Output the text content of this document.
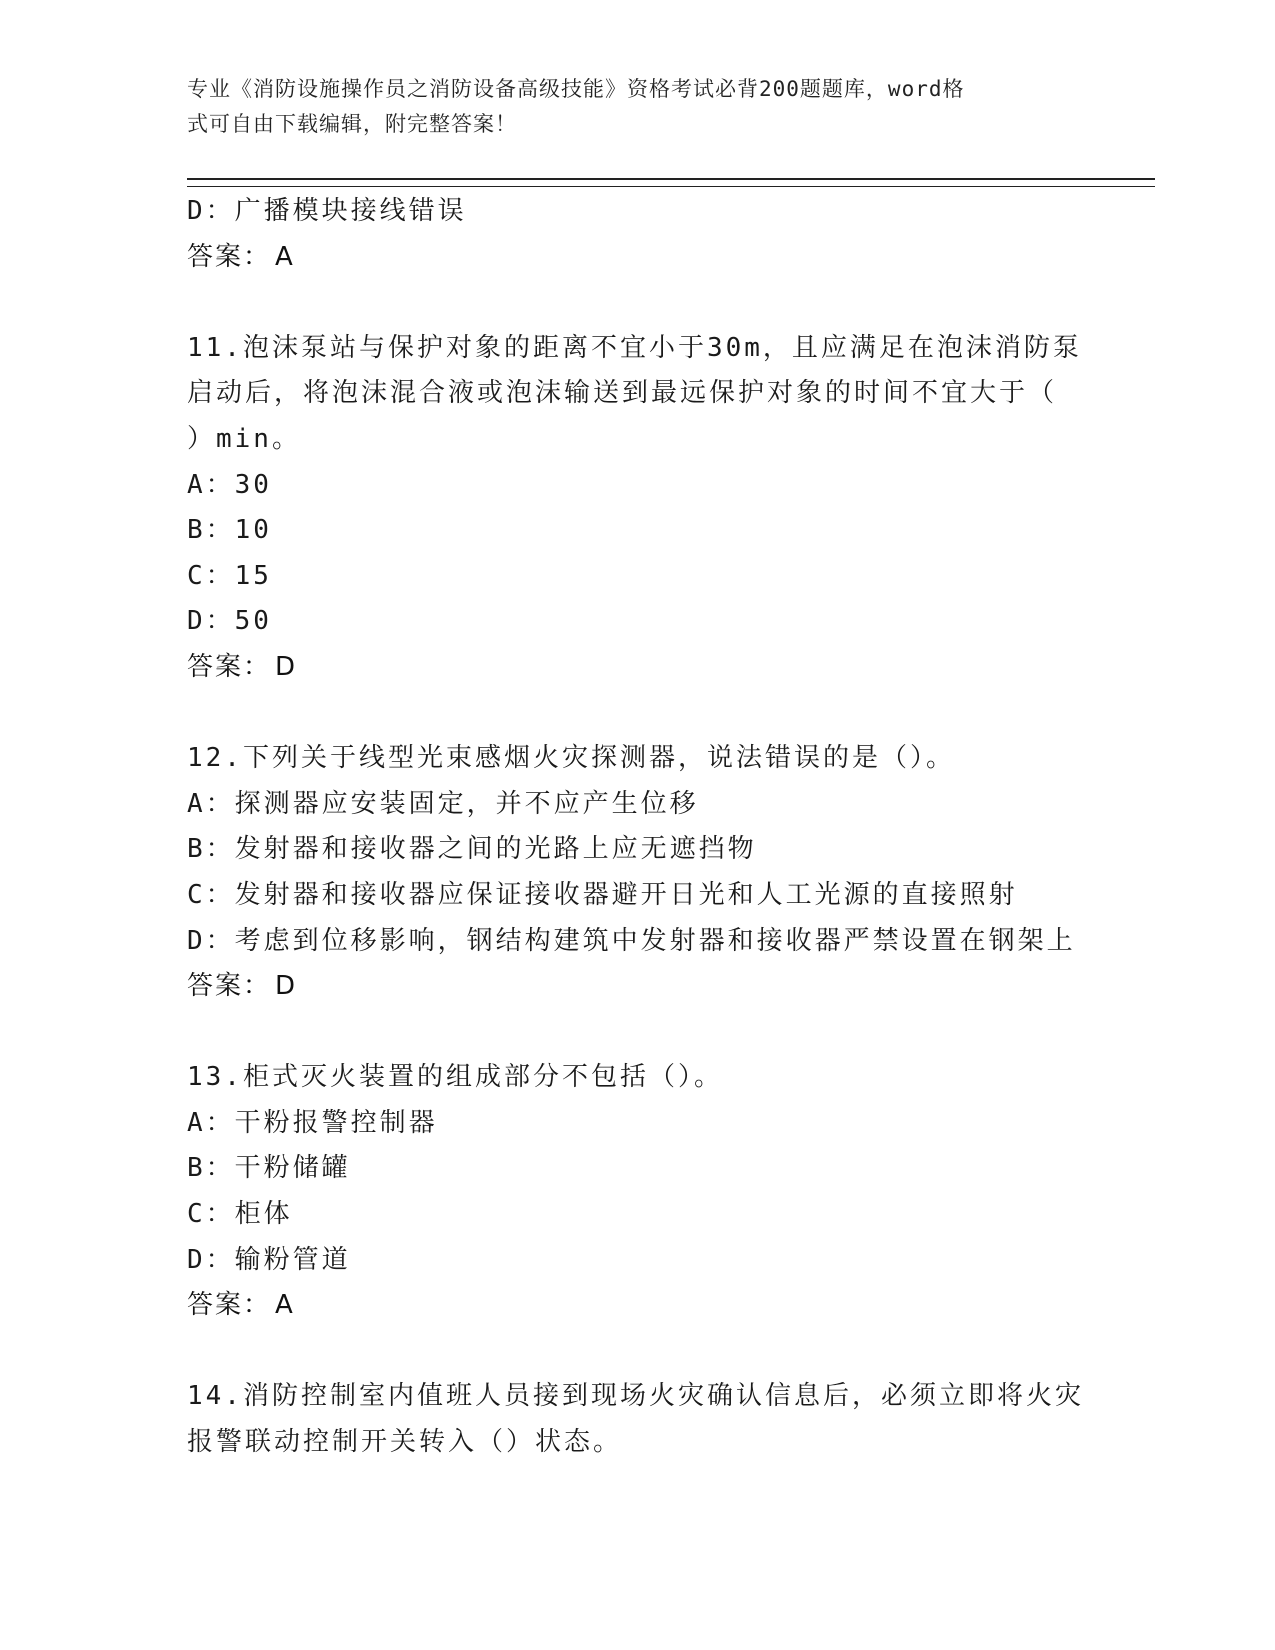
专业《消防设施操作员之消防设备高级技能》资格考试必背200题题库，word格
式可自由下载编辑，附完整答案！
D：广播模块接线错误
答案： A
11.泡沫泵站与保护对象的距离不宜小于30m，且应满足在泡沫消防泵
启动后，将泡沫混合液或泡沫输送到最远保护对象的时间不宜大于（
）min。
A：30
B：10
C：15
D：50
答案： D
12.下列关于线型光束感烟火灾探测器，说法错误的是（）。
A：探测器应安装固定，并不应产生位移
B：发射器和接收器之间的光路上应无遮挡物
C：发射器和接收器应保证接收器避开日光和人工光源的直接照射
D：考虑到位移影响，钢结构建筑中发射器和接收器严禁设置在钢架上
答案： D
13.柜式灭火装置的组成部分不包括（）。
A：干粉报警控制器
B：干粉储罐
C：柜体
D：输粉管道
答案： A
14.消防控制室内值班人员接到现场火灾确认信息后，必须立即将火灾
报警联动控制开关转入（）状态。
